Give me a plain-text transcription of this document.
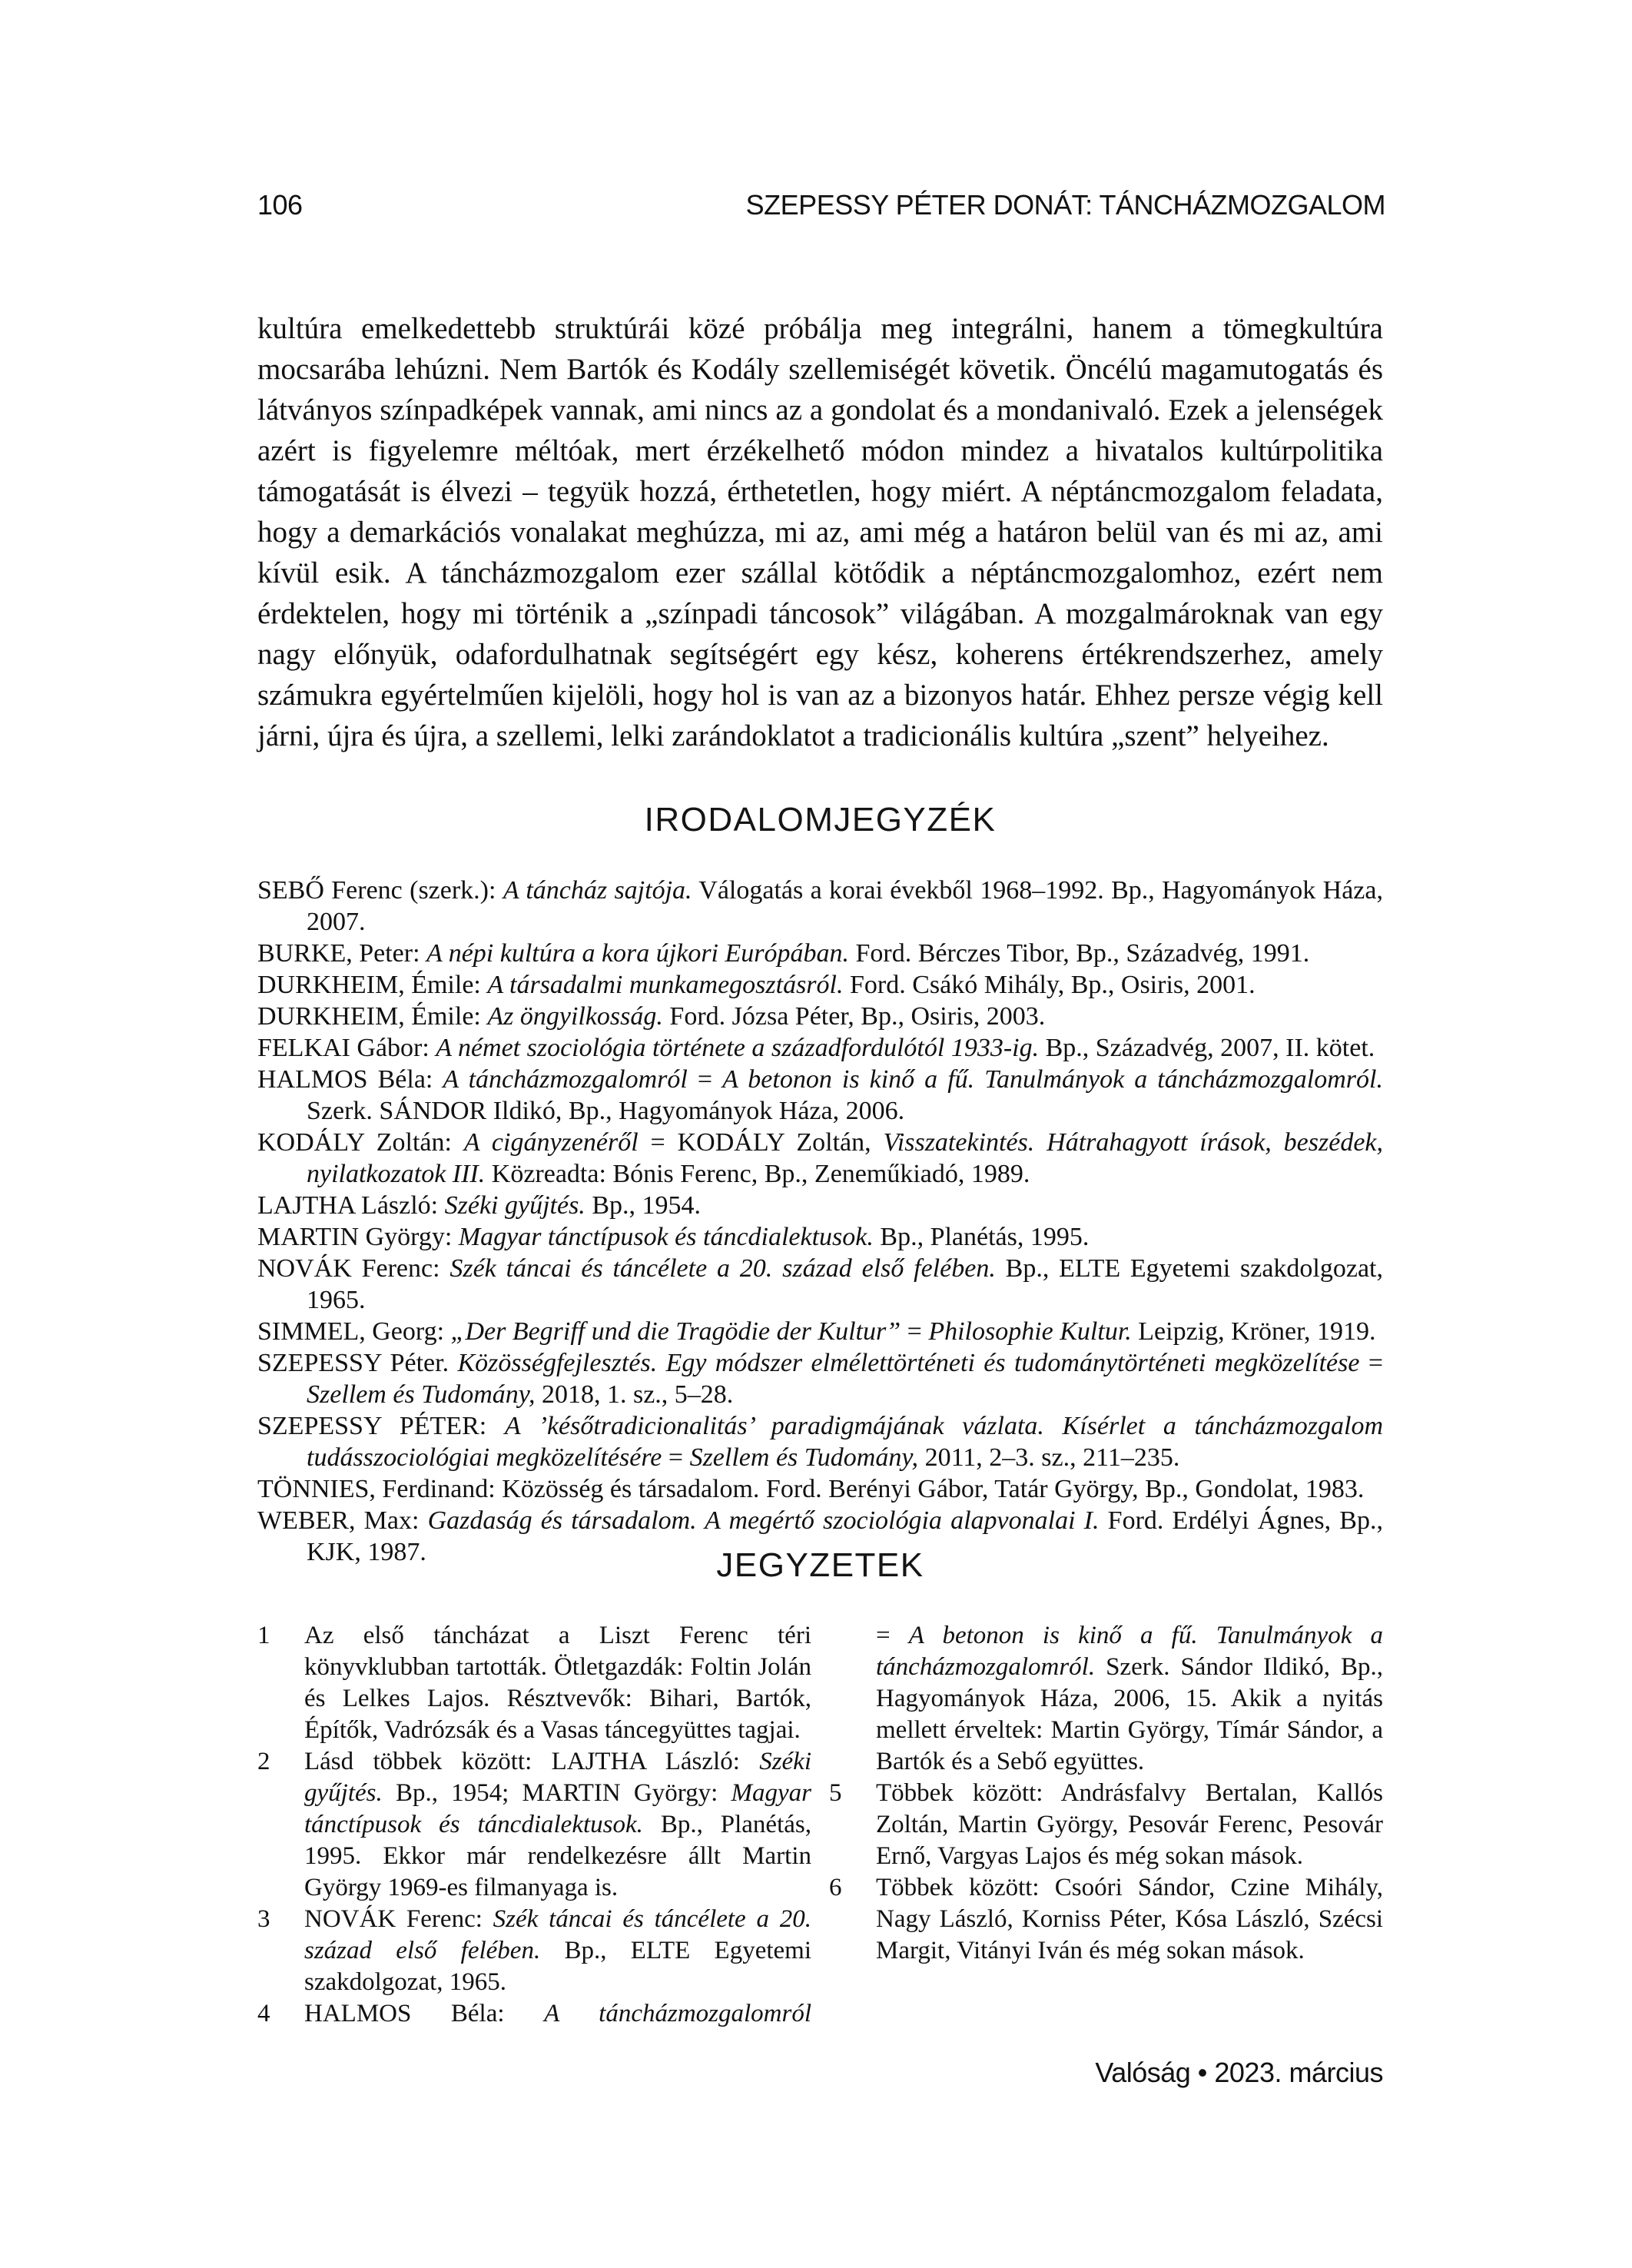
106	SZEPESSY PÉTER DONÁT: TÁNCHÁZMOZGALOM

kultúra emelkedettebb struktúrái közé próbálja meg integrálni, hanem a tömegkultúra mocsarába lehúzni. Nem Bartók és Kodály szellemiségét követik. Öncélú magamutogatás és látványos színpadképek vannak, ami nincs az a gondolat és a mondanivaló. Ezek a jelenségek azért is figyelemre méltóak, mert érzékelhető módon mindez a hivatalos kultúrpolitika támogatását is élvezi – tegyük hozzá, érthetetlen, hogy miért. A néptáncmozgalom feladata, hogy a demarkációs vonalakat meghúzza, mi az, ami még a határon belül van és mi az, ami kívül esik. A táncházmozgalom ezer szállal kötődik a néptáncmozgalomhoz, ezért nem érdektelen, hogy mi történik a „színpadi táncosok” világában. A mozgalmároknak van egy nagy előnyük, odafordulhatnak segítségért egy kész, koherens értékrendszerhez, amely számukra egyértelműen kijelöli, hogy hol is van az a bizonyos határ. Ehhez persze végig kell járni, újra és újra, a szellemi, lelki zarándoklatot a tradicionális kultúra „szent” helyeihez.

IRODALOMJEGYZÉK

SEBŐ Ferenc (szerk.): A táncház sajtója. Válogatás a korai évekből 1968–1992. Bp., Hagyományok Háza, 2007.

BURKE, Peter: A népi kultúra a kora újkori Európában. Ford. Bérczes Tibor, Bp., Századvég, 1991.

DURKHEIM, Émile: A társadalmi munkamegosztásról. Ford. Csákó Mihály, Bp., Osiris, 2001.

DURKHEIM, Émile: Az öngyilkosság. Ford. Józsa Péter, Bp., Osiris, 2003.

FELKAI Gábor: A német szociológia története a századfordulótól 1933-ig. Bp., Századvég, 2007, II. kötet.

HALMOS Béla: A táncházmozgalomról = A betonon is kinő a fű. Tanulmányok a táncházmozgalomról. Szerk. SÁNDOR Ildikó, Bp., Hagyományok Háza, 2006.

KODÁLY Zoltán: A cigányzenéről = KODÁLY Zoltán, Visszatekintés. Hátrahagyott írások, beszédek, nyilatkozatok III. Közreadta: Bónis Ferenc, Bp., Zeneműkiadó, 1989.

LAJTHA László: Széki gyűjtés. Bp., 1954.

MARTIN György: Magyar tánctípusok és táncdialektusok. Bp., Planétás, 1995.

NOVÁK Ferenc: Szék táncai és táncélete a 20. század első felében. Bp., ELTE Egyetemi szakdolgozat, 1965.

SIMMEL, Georg: „Der Begriff und die Tragödie der Kultur” = Philosophie Kultur. Leipzig, Kröner, 1919.

SZEPESSY Péter. Közösségfejlesztés. Egy módszer elmélettörténeti és tudománytörténeti megközelítése = Szellem és Tudomány, 2018, 1. sz., 5–28.

SZEPESSY PÉTER: A ’későtradicionalitás’ paradigmájának vázlata. Kísérlet a táncházmozgalom tudásszociológiai megközelítésére = Szellem és Tudomány, 2011, 2–3. sz., 211–235.

TÖNNIES, Ferdinand: Közösség és társadalom. Ford. Berényi Gábor, Tatár György, Bp., Gondolat, 1983.

WEBER, Max: Gazdaság és társadalom. A megértő szociológia alapvonalai I. Ford. Erdélyi Ágnes, Bp., KJK, 1987.	JEGYZETEK
1	Az első táncházat a Liszt Ferenc téri könyvklubban tartották. Ötletgazdák: Foltin Jolán és Lelkes Lajos. Résztvevők: Bihari, Bartók, Építők, Vadrózsák és a Vasas táncegyüttes tagjai.
2	Lásd többek között: LAJTHA László: Széki gyűjtés. Bp., 1954; MARTIN György: Magyar tánctípusok és táncdialektusok. Bp., Planétás, 1995. Ekkor már rendelkezésre állt Martin György 1969-es filmanyaga is.
3	NOVÁK Ferenc: Szék táncai és táncélete a 20. század első felében. Bp., ELTE Egyetemi szakdolgozat, 1965.
4	HALMOS Béla: A táncházmozgalomról
= A betonon is kinő a fű. Tanulmányok a táncházmozgalomról. Szerk. Sándor Ildikó, Bp., Hagyományok Háza, 2006, 15. Akik a nyitás mellett érveltek: Martin György, Tímár Sándor, a Bartók és a Sebő együttes.
5	Többek között: Andrásfalvy Bertalan, Kallós Zoltán, Martin György, Pesovár Ferenc, Pesovár Ernő, Vargyas Lajos és még sokan mások.
6	Többek között: Csoóri Sándor, Czine Mihály, Nagy László, Korniss Péter, Kósa László, Szécsi Margit, Vitányi Iván és még sokan mások.
Valóság • 2023. március
